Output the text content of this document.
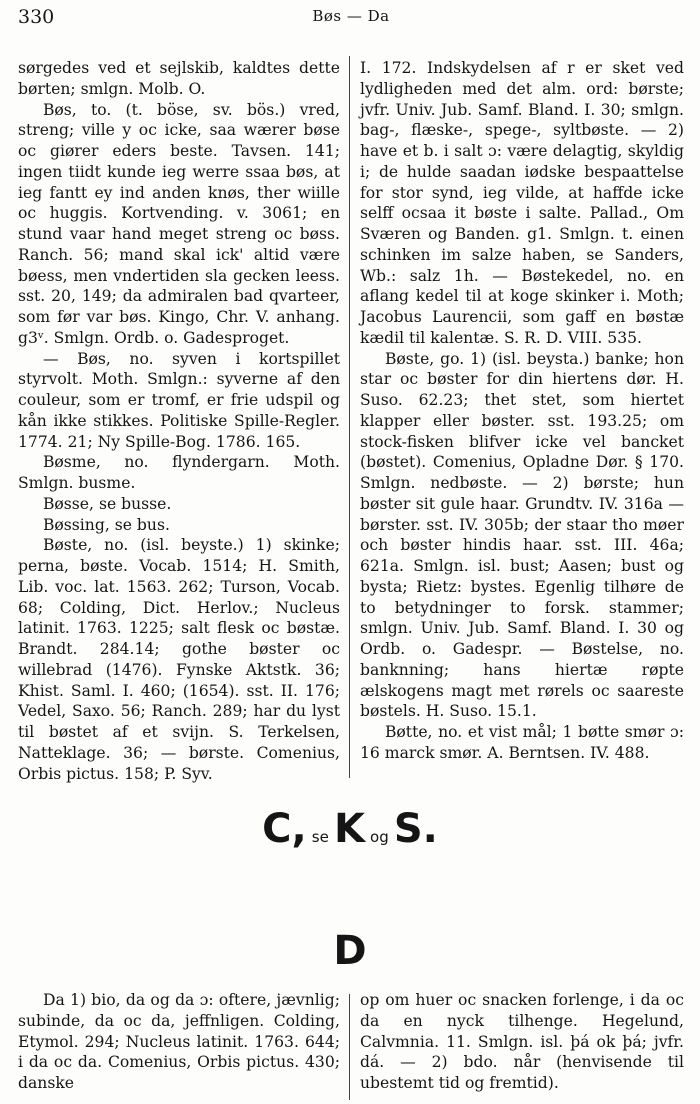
330	Bøs — Da

sørgedes ved et sejlskib, kaldtes dette børten; smlgn. Molb. O.

Bøs, to. (t. böse, sv. bös.) vred, streng; ville y oc icke, saa wærer bøse oc giører eders beste. Tavsen. 141; ingen tiidt kunde ieg werre ssaa bøs, at ieg fantt ey ind anden knøs, ther wiille oc huggis. Kortvending. v. 3061; en stund vaar hand meget streng oc bøss. Ranch. 56; mand skal ick' altid være bøess, men vndertiden sla gecken leess. sst. 20, 149; da admiralen bad qvarteer, som før var bøs. Kingo, Chr. V. anhang. g3ᵛ. Smlgn. Ordb. o. Gadesproget.

— Bøs, no. syven i kortspillet styrvolt. Moth. Smlgn.: syverne af den couleur, som er tromf, er frie udspil og kån ikke stikkes. Politiske Spille-Regler. 1774. 21; Ny Spille-Bog. 1786. 165.

Bøsme, no. flyndergarn. Moth. Smlgn. busme.

Bøsse, se busse.

Bøssing, se bus.

Bøste, no. (isl. beyste.) 1) skinke; perna, bøste. Vocab. 1514; H. Smith, Lib. voc. lat. 1563. 262; Turson, Vocab. 68; Colding, Dict. Herlov.; Nucleus latinit. 1763. 1225; salt flesk oc bøstæ. Brandt. 284.14; gothe bøster oc willebrad (1476). Fynske Aktstk. 36; Khist. Saml. I. 460; (1654). sst. II. 176; Vedel, Saxo. 56; Ranch. 289; har du lyst til bøstet af et svijn. S. Terkelsen, Natteklage. 36; — børste. Comenius, Orbis pictus. 158; P. Syv.

I. 172. Indskydelsen af r er sket ved lydligheden med det alm. ord: børste; jvfr. Univ. Jub. Samf. Bland. I. 30; smlgn. bag-, flæske-, spege-, syltbøste. — 2) have et b. i salt ɔ: være delagtig, skyldig i; de hulde saadan iødske bespaattelse for stor synd, ieg vilde, at haffde icke selff ocsaa it bøste i salte. Pallad., Om Sværen og Banden. g1. Smlgn. t. einen schinken im salze haben, se Sanders, Wb.: salz 1h. — Bøstekedel, no. en aflang kedel til at koge skinker i. Moth; Jacobus Laurencii, som gaff en bøstæ kædil til kalentæ. S. R. D. VIII. 535.

Bøste, go. 1) (isl. beysta.) banke; hon star oc bøster for din hiertens dør. H. Suso. 62.23; thet stet, som hiertet klapper eller bøster. sst. 193.25; om stock-fisken blifver icke vel bancket (bøstet). Comenius, Opladne Dør. § 170. Smlgn. nedbøste. — 2) børste; hun bøster sit gule haar. Grundtv. IV. 316a — børster. sst. IV. 305b; der staar tho møer och bøster hindis haar. sst. III. 46a; 621a. Smlgn. isl. bust; Aasen; bust og bysta; Rietz: bystes. Egenlig tilhøre de to betydninger to forsk. stammer; smlgn. Univ. Jub. Samf. Bland. I. 30 og Ordb. o. Gadespr. — Bøstelse, no. banknning; hans hiertæ røpte ælskogens magt met rørels oc saareste bøstels. H. Suso. 15.1.

Bøtte, no. et vist mål; 1 bøtte smør ɔ: 16 marck smør. A. Berntsen. IV. 488.

C, se K og S.
D

Da 1) bio, da og da ɔ: oftere, jævnlig; subinde, da oc da, jeffnligen. Colding, Etymol. 294; Nucleus latinit. 1763. 644; i da oc da. Comenius, Orbis pictus. 430; danske

op om huer oc snacken forlenge, i da oc da en nyck tilhenge. Hegelund, Calvmnia. 11. Smlgn. isl. þá ok þá; jvfr. dá. — 2) bdo. når (henvisende til ubestemt tid og fremtid).
